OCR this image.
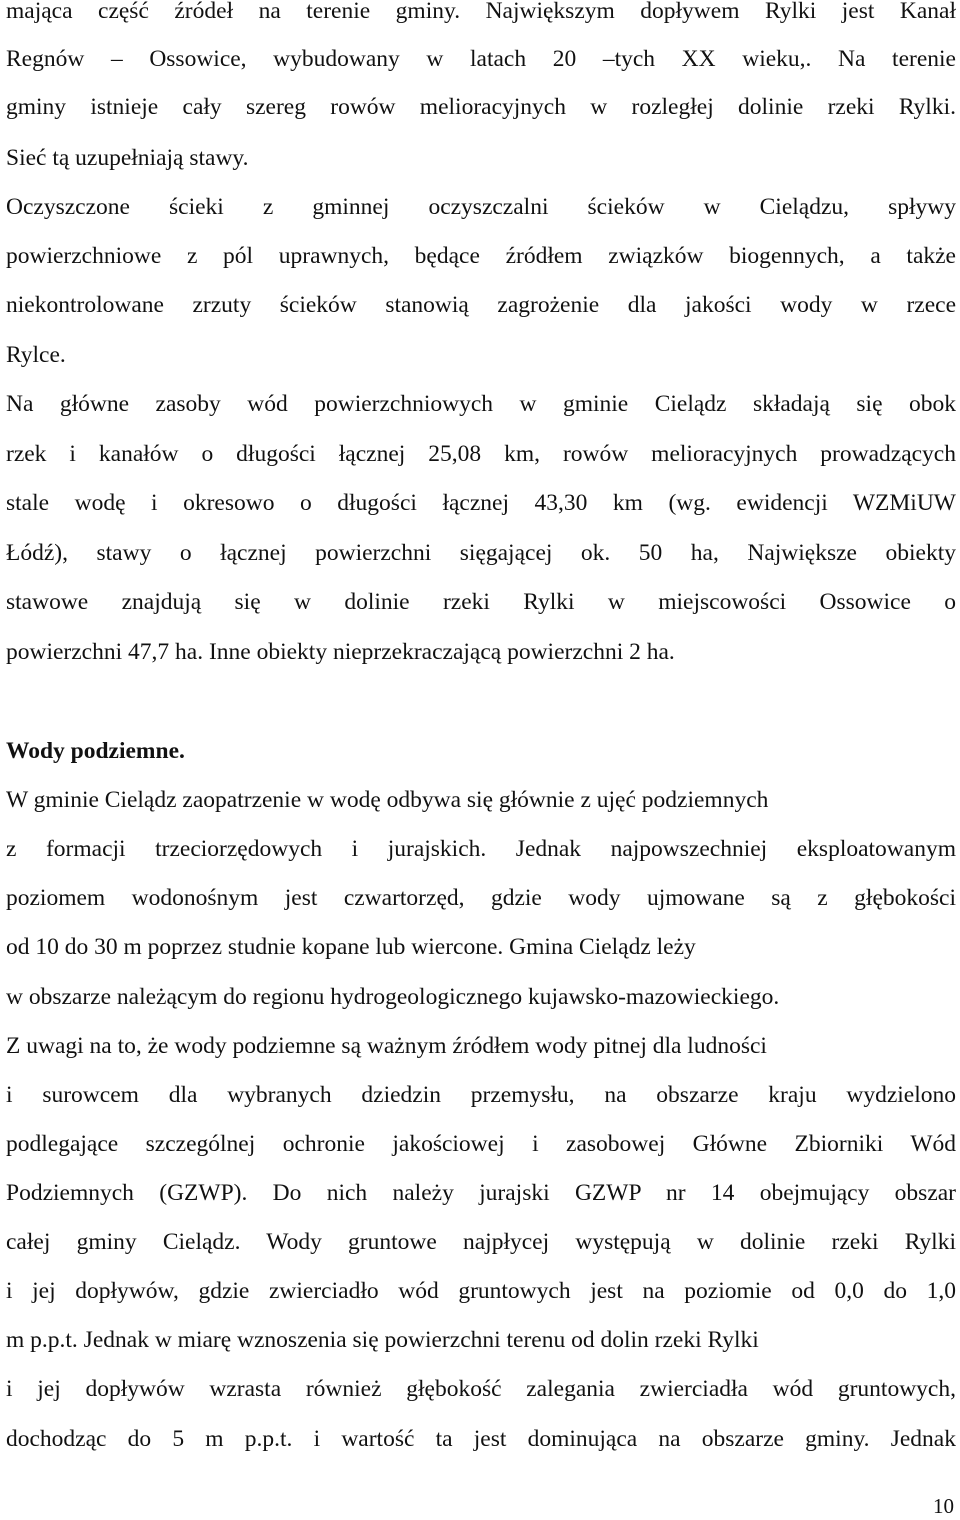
mająca część źródeł na terenie gminy. Największym dopływem Rylki jest Kanał

Regnów – Ossowice, wybudowany w latach 20 –tych XX wieku,. Na terenie

gminy istnieje cały szereg rowów melioracyjnych w rozległej dolinie rzeki Rylki.

Sieć tą uzupełniają stawy.

Oczyszczone ścieki z gminnej oczyszczalni ścieków w Cielądzu, spływy

powierzchniowe z pól uprawnych, będące źródłem związków biogennych, a także

niekontrolowane zrzuty ścieków stanowią zagrożenie dla jakości wody w rzece

Rylce.

Na główne zasoby wód powierzchniowych w gminie Cielądz składają się obok

rzek i kanałów o długości łącznej 25,08 km, rowów melioracyjnych prowadzących

stale wodę i okresowo o długości łącznej 43,30 km (wg. ewidencji WZMiUW

Łódź), stawy o łącznej powierzchni sięgającej ok. 50 ha, Największe obiekty

stawowe znajdują się w dolinie rzeki Rylki w miejscowości Ossowice o

powierzchni 47,7 ha. Inne obiekty nieprzekraczającą powierzchni 2 ha.

Wody podziemne.

W gminie Cielądz zaopatrzenie w wodę odbywa się głównie z ujęć podziemnych

z formacji trzeciorzędowych i jurajskich. Jednak najpowszechniej eksploatowanym

poziomem wodonośnym jest czwartorzęd, gdzie wody ujmowane są z głębokości

od 10 do 30 m poprzez studnie kopane lub wiercone. Gmina Cielądz leży

w obszarze należącym do regionu hydrogeologicznego kujawsko-mazowieckiego.

Z uwagi na to, że wody podziemne są ważnym źródłem wody pitnej dla ludności

i surowcem dla wybranych dziedzin przemysłu, na obszarze kraju wydzielono

podlegające szczególnej ochronie jakościowej i zasobowej Główne Zbiorniki Wód

Podziemnych (GZWP). Do nich należy jurajski GZWP nr 14 obejmujący obszar

całej gminy Cielądz. Wody gruntowe najpłycej występują w dolinie rzeki Rylki

i jej dopływów, gdzie zwierciadło wód gruntowych jest na poziomie od 0,0 do 1,0

m p.p.t. Jednak w miarę wznoszenia się powierzchni terenu od dolin rzeki Rylki

i jej dopływów wzrasta również głębokość zalegania zwierciadła wód gruntowych,

dochodząc do 5 m p.p.t. i wartość ta jest dominująca na obszarze gminy. Jednak

10
